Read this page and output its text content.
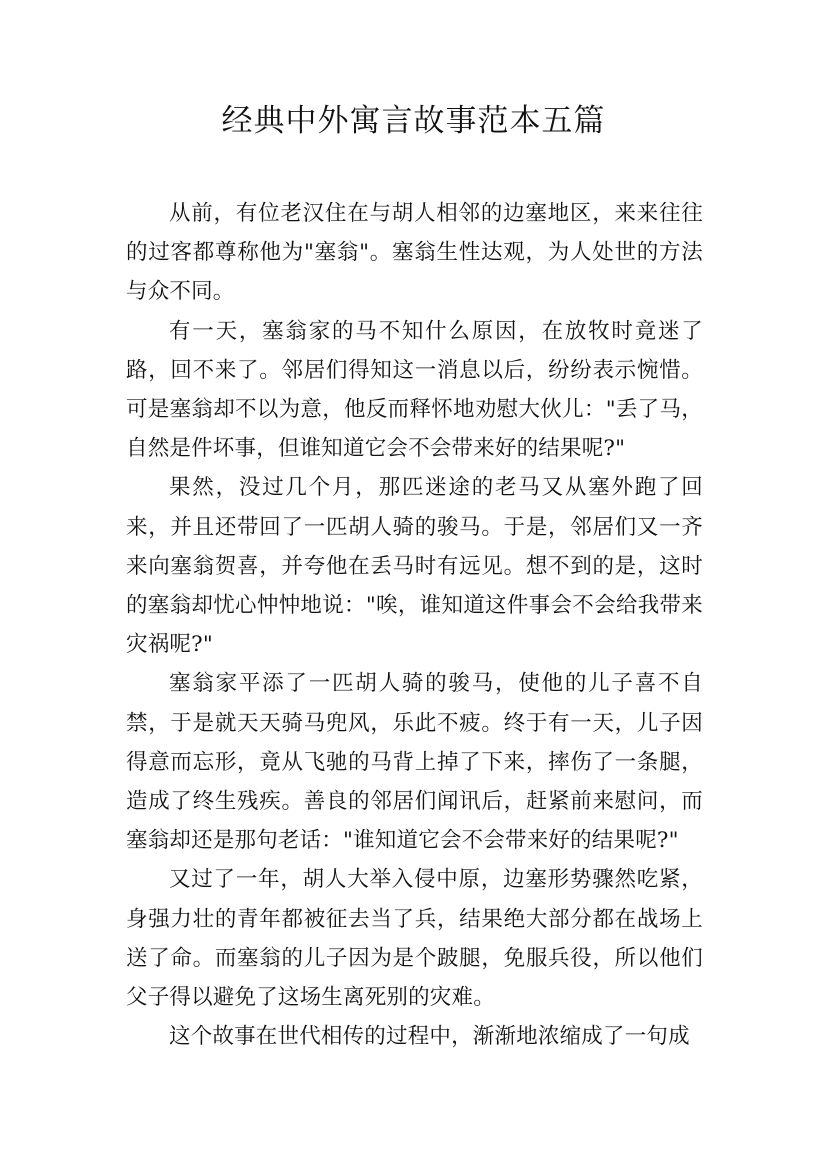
经典中外寓言故事范本五篇

从前，有位老汉住在与胡人相邻的边塞地区，来来往往的过客都尊称他为"塞翁"。塞翁生性达观，为人处世的方法与众不同。

有一天，塞翁家的马不知什么原因，在放牧时竟迷了路，回不来了。邻居们得知这一消息以后，纷纷表示惋惜。可是塞翁却不以为意，他反而释怀地劝慰大伙儿："丢了马，自然是件坏事，但谁知道它会不会带来好的结果呢?"

果然，没过几个月，那匹迷途的老马又从塞外跑了回来，并且还带回了一匹胡人骑的骏马。于是，邻居们又一齐来向塞翁贺喜，并夸他在丢马时有远见。想不到的是，这时的塞翁却忧心忡忡地说："唉，谁知道这件事会不会给我带来灾祸呢?"

塞翁家平添了一匹胡人骑的骏马，使他的儿子喜不自禁，于是就天天骑马兜风，乐此不疲。终于有一天，儿子因得意而忘形，竟从飞驰的马背上掉了下来，摔伤了一条腿，造成了终生残疾。善良的邻居们闻讯后，赶紧前来慰问，而塞翁却还是那句老话："谁知道它会不会带来好的结果呢?"

又过了一年，胡人大举入侵中原，边塞形势骤然吃紧，身强力壮的青年都被征去当了兵，结果绝大部分都在战场上送了命。而塞翁的儿子因为是个跛腿，免服兵役，所以他们父子得以避免了这场生离死别的灾难。

这个故事在世代相传的过程中，渐渐地浓缩成了一句成
